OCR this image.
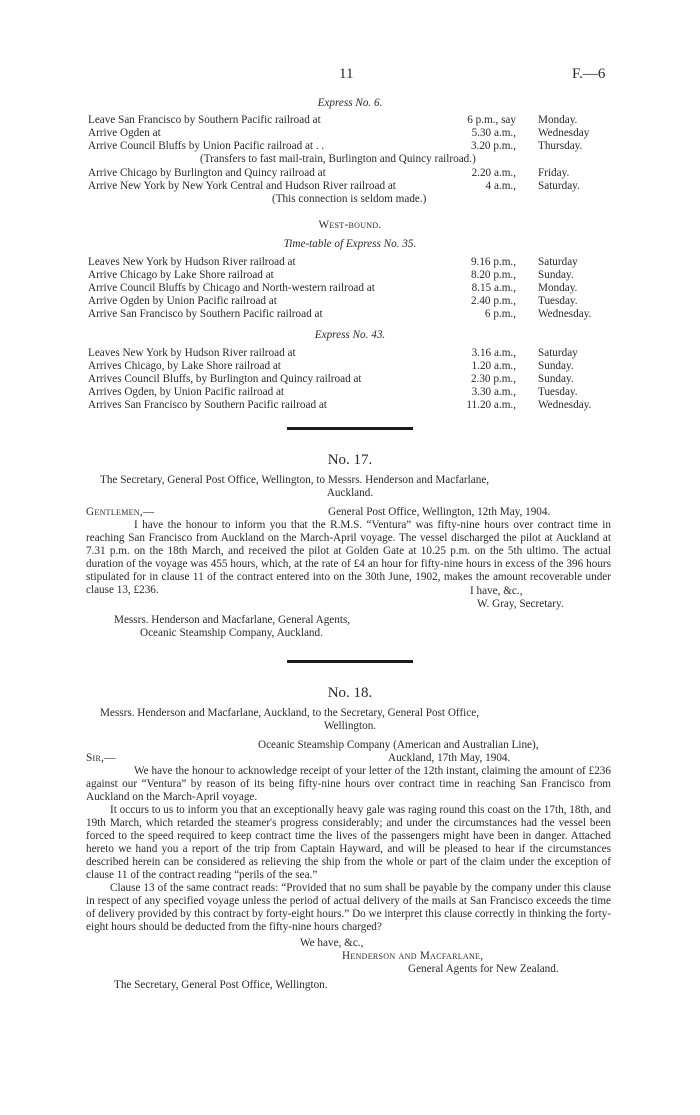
11	F.—6
Express No. 6.
Leave San Francisco by Southern Pacific railroad at	6 p.m., say Monday.
Arrive Ogden at	5.30 a.m., Wednesday
Arrive Council Bluffs by Union Pacific railroad at . .	3.20 p.m., Thursday.
(Transfers to fast mail-train, Burlington and Quincy railroad.)
Arrive Chicago by Burlington and Quincy railroad at	2.20 a.m., Friday.
Arrive New York by New York Central and Hudson River railroad at	4 a.m., Saturday.
(This connection is seldom made.)
West-bound.
Time-table of Express No. 35.
Leaves New York by Hudson River railroad at	9.16 p.m., Saturday
Arrive Chicago by Lake Shore railroad at	8.20 p.m., Sunday.
Arrive Council Bluffs by Chicago and North-western railroad at	8.15 a.m., Monday.
Arrive Ogden by Union Pacific railroad at	2.40 p.m., Tuesday.
Arrive San Francisco by Southern Pacific railroad at	6 p.m., Wednesday.
Express No. 43.
Leaves New York by Hudson River railroad at	3.16 a.m., Saturday
Arrives Chicago, by Lake Shore railroad at	1.20 a.m., Sunday.
Arrives Council Bluffs, by Burlington and Quincy railroad at	2.30 p.m., Sunday.
Arrives Ogden, by Union Pacific railroad at	3.30 a.m., Tuesday.
Arrives San Francisco by Southern Pacific railroad at	11.20 a.m., Wednesday.
No. 17.
The Secretary, General Post Office, Wellington, to Messrs. Henderson and Macfarlane,
Auckland.
Gentlemen,—	General Post Office, Wellington, 12th May, 1904.

I have the honour to inform you that the R.M.S. “Ventura” was fifty-nine hours over contract time in reaching San Francisco from Auckland on the March-April voyage. The vessel discharged the pilot at Auckland at 7.31 p.m. on the 18th March, and received the pilot at Golden Gate at 10.25 p.m. on the 5th ultimo. The actual duration of the voyage was 455 hours, which, at the rate of £4 an hour for fifty-nine hours in excess of the 396 hours stipulated for in clause 11 of the contract entered into on the 30th June, 1902, makes the amount recoverable under clause 13, £236.	I have, &c.,
W. Gray, Secretary.
Messrs. Henderson and Macfarlane, General Agents,
Oceanic Steamship Company, Auckland.
No. 18.
Messrs. Henderson and Macfarlane, Auckland, to the Secretary, General Post Office,
Wellington.
Oceanic Steamship Company (American and Australian Line),
Auckland, 17th May, 1904.
Sir,—

We have the honour to acknowledge receipt of your letter of the 12th instant, claiming the amount of £236 against our “Ventura” by reason of its being fifty-nine hours over contract time in reaching San Francisco from Auckland on the March-April voyage.

It occurs to us to inform you that an exceptionally heavy gale was raging round this coast on the 17th, 18th, and 19th March, which retarded the steamer's progress considerably; and under the circumstances had the vessel been forced to the speed required to keep contract time the lives of the passengers might have been in danger. Attached hereto we hand you a report of the trip from Captain Hayward, and will be pleased to hear if the circumstances described herein can be considered as relieving the ship from the whole or part of the claim under the exception of clause 11 of the contract reading “perils of the sea.”

Clause 13 of the same contract reads: “Provided that no sum shall be payable by the company under this clause in respect of any specified voyage unless the period of actual delivery of the mails at San Francisco exceeds the time of delivery provided by this contract by forty-eight hours.” Do we interpret this clause correctly in thinking the forty-eight hours should be deducted from the fifty-nine hours charged?

We have, &c.,
Henderson and Macfarlane,
General Agents for New Zealand.
The Secretary, General Post Office, Wellington.
